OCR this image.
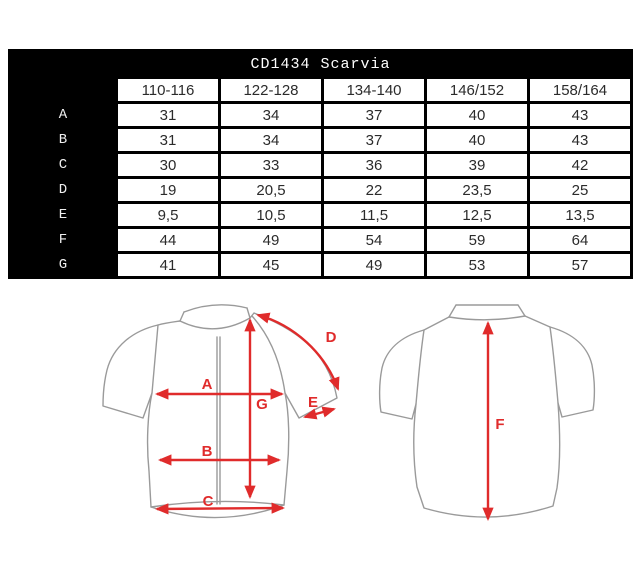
CD1434 Scarvia					
	110-116	122-128	134-140	146/152	158/164
A	31	34	37	40	43
B	31	34	37	40	43
C	30	33	36	39	42
D	19	20,5	22	23,5	25
E	9,5	10,5	11,5	12,5	13,5
F	44	49	54	59	64
G	41	45	49	53	57
A
B
C
D
E
G
F
